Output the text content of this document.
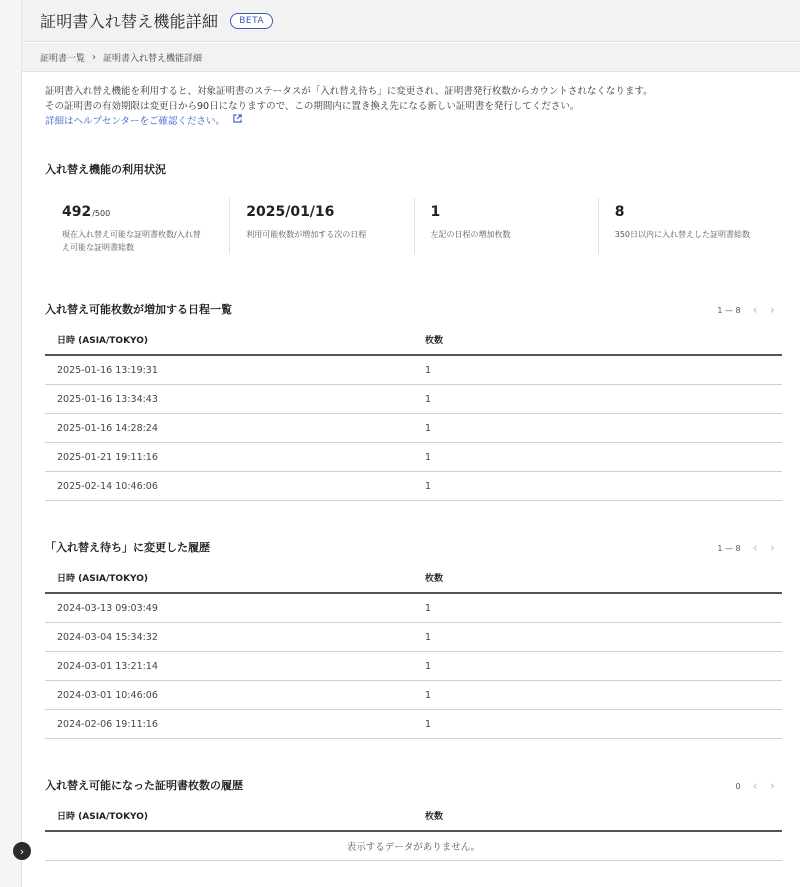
›
証明書入れ替え機能詳細	BETA
証明書一覧 › 証明書入れ替え機能詳細
証明書入れ替え機能を利用すると、対象証明書のステータスが「入れ替え待ち」に変更され、証明書発行枚数からカウントされなくなります。
その証明書の有効期限は変更日から90日になりますので、この期間内に置き換え先になる新しい証明書を発行してください。
詳細はヘルプセンターをご確認ください。
入れ替え機能の利用状況
492 /500
現在入れ替え可能な証明書枚数/入れ替え可能な証明書総数
2025/01/16
利用可能枚数が増加する次の日程
1
左記の日程の増加枚数
8
350日以内に入れ替えした証明書総数
入れ替え可能枚数が増加する日程一覧	1 — 8 ‹ ›
日時 (ASIA/TOKYO)	枚数
2025-01-16 13:19:31	1
2025-01-16 13:34:43	1
2025-01-16 14:28:24	1
2025-01-21 19:11:16	1
2025-02-14 10:46:06	1
「入れ替え待ち」に変更した履歴	1 — 8 ‹ ›
日時 (ASIA/TOKYO)	枚数
2024-03-13 09:03:49	1
2024-03-04 15:34:32	1
2024-03-01 13:21:14	1
2024-03-01 10:46:06	1
2024-02-06 19:11:16	1
入れ替え可能になった証明書枚数の履歴	0 ‹ ›
日時 (ASIA/TOKYO)	枚数
表示するデータがありません。
